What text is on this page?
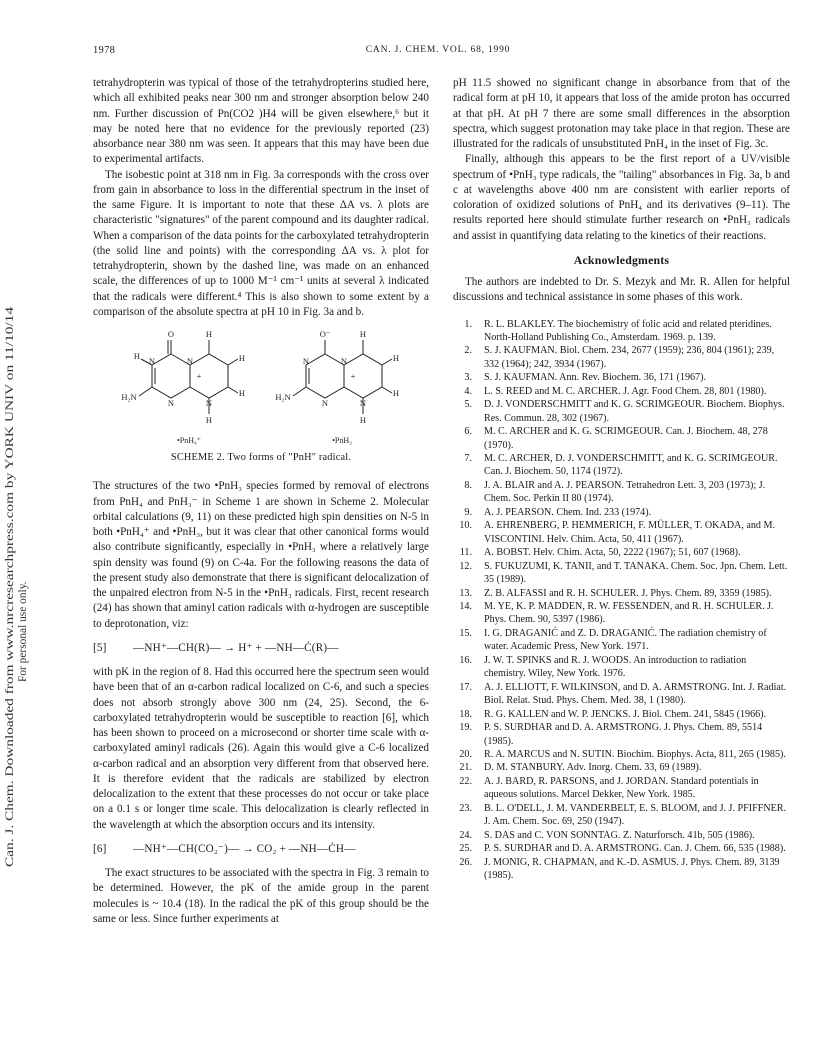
1978	CAN. J. CHEM. VOL. 68, 1990
Can. J. Chem. Downloaded from www.nrcresearchpress.com by YORK UNIV on 11/10/14 For personal use only.

tetrahydropterin was typical of those of the tetrahydropterins studied here, which all exhibited peaks near 300 nm and stronger absorption below 240 nm. Further discussion of Pn(CO2 )H4 will be given elsewhere,⁶ but it may be noted here that no evidence for the previously reported (23) absorbance near 380 nm was seen. It appears that this may have been due to experimental artifacts.

The isobestic point at 318 nm in Fig. 3a corresponds with the cross over from gain in absorbance to loss in the differential spectrum in the inset of the same Figure. It is important to note that these ΔA vs. λ plots are characteristic "signatures" of the parent compound and its daughter radical. When a comparison of the data points for the carboxylated tetrahydropterin (the solid line and points) with the corresponding ΔA vs. λ plot for tetrahydropterin, shown by the dashed line, was made on an enhanced scale, the differences of up to 1000 M⁻¹ cm⁻¹ units at several λ indicated that the radicals were different.⁴ This is also shown to some extent by a comparison of the absolute spectra at pH 10 in Fig. 3a and b.

O	H
H N	N
+
H
H
H₂N
N	N
H
O⁻	H
N	N
+
H
H
H₂N
N	N
H
•PnH₄⁺	•PnH₃
SCHEME 2. Two forms of "PnH" radical.

The structures of the two •PnH₃ species formed by removal of electrons from PnH₄ and PnH₃⁻ in Scheme 1 are shown in Scheme 2. Molecular orbital calculations (9, 11) on these predicted high spin densities on N-5 in both •PnH₄⁺ and •PnH₃, but it was clear that other canonical forms would also contribute significantly, especially in •PnH₃ where a relatively large spin density was found (9) on C-4a. For the following reasons the data of the present study also demonstrate that there is significant delocalization of the unpaired electron from N-5 in the •PnH₃ radicals. First, recent research (24) has shown that aminyl cation radicals with α-hydrogen are susceptible to deprotonation, viz:

[5] —NH⁺—CH(R)— → H⁺ + —NH—Ċ(R)—

with pK in the region of 8. Had this occurred here the spectrum seen would have been that of an α-carbon radical localized on C-6, and such a species does not absorb strongly above 300 nm (24, 25). Second, the 6-carboxylated tetrahydropterin would be susceptible to reaction [6], which has been shown to proceed on a microsecond or shorter time scale with α-carboxylated aminyl radicals (26). Again this would give a C-6 localized α-carbon radical and an absorption very different from that observed here. It is therefore evident that the radicals are stabilized by electron delocalization to the extent that these processes do not occur or take place on a 0.1 s or longer time scale. This delocalization is clearly reflected in the wavelength at which the absorption occurs and its intensity.

[6] —NH⁺—CH(CO₂⁻)— → CO₂ + —NH—ĊH—

The exact structures to be associated with the spectra in Fig. 3 remain to be determined. However, the pK of the amide group in the parent molecules is ~ 10.4 (18). In the radical the pK of this group should be the same or less. Since further experiments at

pH 11.5 showed no significant change in absorbance from that of the radical form at pH 10, it appears that loss of the amide proton has occurred at that pH. At pH 7 there are some small differences in the absorption spectra, which suggest protonation may take place in that region. These are illustrated for the radicals of unsubstituted PnH₄ in the inset of Fig. 3c.

Finally, although this appears to be the first report of a UV/visible spectrum of •PnH₃ type radicals, the "tailing" absorbances in Fig. 3a, b and c at wavelengths above 400 nm are consistent with earlier reports of coloration of oxidized solutions of PnH₄ and its derivatives (9–11). The results reported here should stimulate further research on •PnH₃ radicals and assist in quantifying data relating to the kinetics of their reactions.

Acknowledgments

The authors are indebted to Dr. S. Mezyk and Mr. R. Allen for helpful discussions and technical assistance in some phases of this work.

1. R. L. BLAKLEY. The biochemistry of folic acid and related pteridines. North-Holland Publishing Co., Amsterdam. 1969. p. 139.
2. S. J. KAUFMAN. Biol. Chem. 234, 2677 (1959); 236, 804 (1961); 239, 332 (1964); 242, 3934 (1967).
3. S. J. KAUFMAN. Ann. Rev. Biochem. 36, 171 (1967).
4. L. S. REED and M. C. ARCHER. J. Agr. Food Chem. 28, 801 (1980).
5. D. J. VONDERSCHMITT and K. G. SCRIMGEOUR. Biochem. Biophys. Res. Commun. 28, 302 (1967).
6. M. C. ARCHER and K. G. SCRIMGEOUR. Can. J. Biochem. 48, 278 (1970).
7. M. C. ARCHER, D. J. VONDERSCHMITT, and K. G. SCRIMGEOUR. Can. J. Biochem. 50, 1174 (1972).
8. J. A. BLAIR and A. J. PEARSON. Tetrahedron Lett. 3, 203 (1973); J. Chem. Soc. Perkin II 80 (1974).
9. A. J. PEARSON. Chem. Ind. 233 (1974).
10. A. EHRENBERG, P. HEMMERICH, F. MÜLLER, T. OKADA, and M. VISCONTINI. Helv. Chim. Acta, 50, 411 (1967).
11. A. BOBST. Helv. Chim. Acta, 50, 2222 (1967); 51, 607 (1968).
12. S. FUKUZUMI, K. TANII, and T. TANAKA. Chem. Soc. Jpn. Chem. Lett. 35 (1989).
13. Z. B. ALFASSI and R. H. SCHULER. J. Phys. Chem. 89, 3359 (1985).
14. M. YE, K. P. MADDEN, R. W. FESSENDEN, and R. H. SCHULER. J. Phys. Chem. 90, 5397 (1986).
15. I. G. DRAGANIĆ and Z. D. DRAGANIĆ. The radiation chemistry of water. Academic Press, New York. 1971.
16. J. W. T. SPINKS and R. J. WOODS. An introduction to radiation chemistry. Wiley, New York. 1976.
17. A. J. ELLIOTT, F. WILKINSON, and D. A. ARMSTRONG. Int. J. Radiat. Biol. Relat. Stud. Phys. Chem. Med. 38, 1 (1980).
18. R. G. KALLEN and W. P. JENCKS. J. Biol. Chem. 241, 5845 (1966).
19. P. S. SURDHAR and D. A. ARMSTRONG. J. Phys. Chem. 89, 5514 (1985).
20. R. A. MARCUS and N. SUTIN. Biochim. Biophys. Acta, 811, 265 (1985).
21. D. M. STANBURY. Adv. Inorg. Chem. 33, 69 (1989).
22. A. J. BARD, R. PARSONS, and J. JORDAN. Standard potentials in aqueous solutions. Marcel Dekker, New York. 1985.
23. B. L. O'DELL, J. M. VANDERBELT, E. S. BLOOM, and J. J. PFIFFNER. J. Am. Chem. Soc. 69, 250 (1947).
24. S. DAS and C. VON SONNTAG. Z. Naturforsch. 41b, 505 (1986).
25. P. S. SURDHAR and D. A. ARMSTRONG. Can. J. Chem. 66, 535 (1988).
26. J. MONIG, R. CHAPMAN, and K.-D. ASMUS. J. Phys. Chem. 89, 3139 (1985).
